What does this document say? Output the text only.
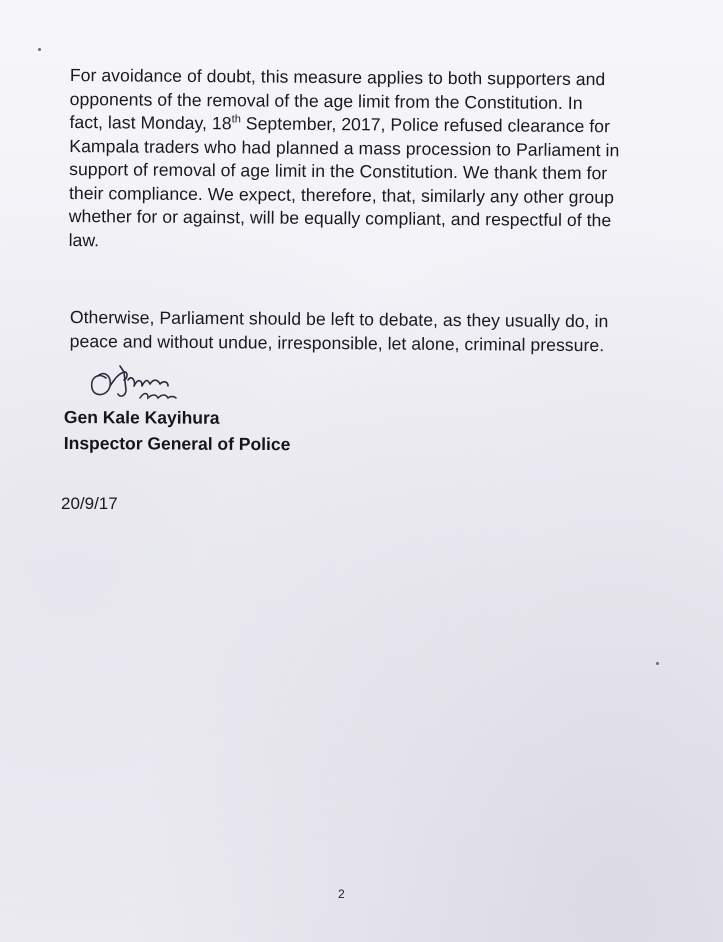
For avoidance of doubt, this measure applies to both supporters and
opponents of the removal of the age limit from the Constitution. In
fact, last Monday, 18th September, 2017, Police refused clearance for
Kampala traders who had planned a mass procession to Parliament in
support of removal of age limit in the Constitution. We thank them for
their compliance. We expect, therefore, that, similarly any other group
whether for or against, will be equally compliant, and respectful of the
law.
Otherwise, Parliament should be left to debate, as they usually do, in
peace and without undue, irresponsible, let alone, criminal pressure.
Gen Kale Kayihura
Inspector General of Police
20/9/17
2
